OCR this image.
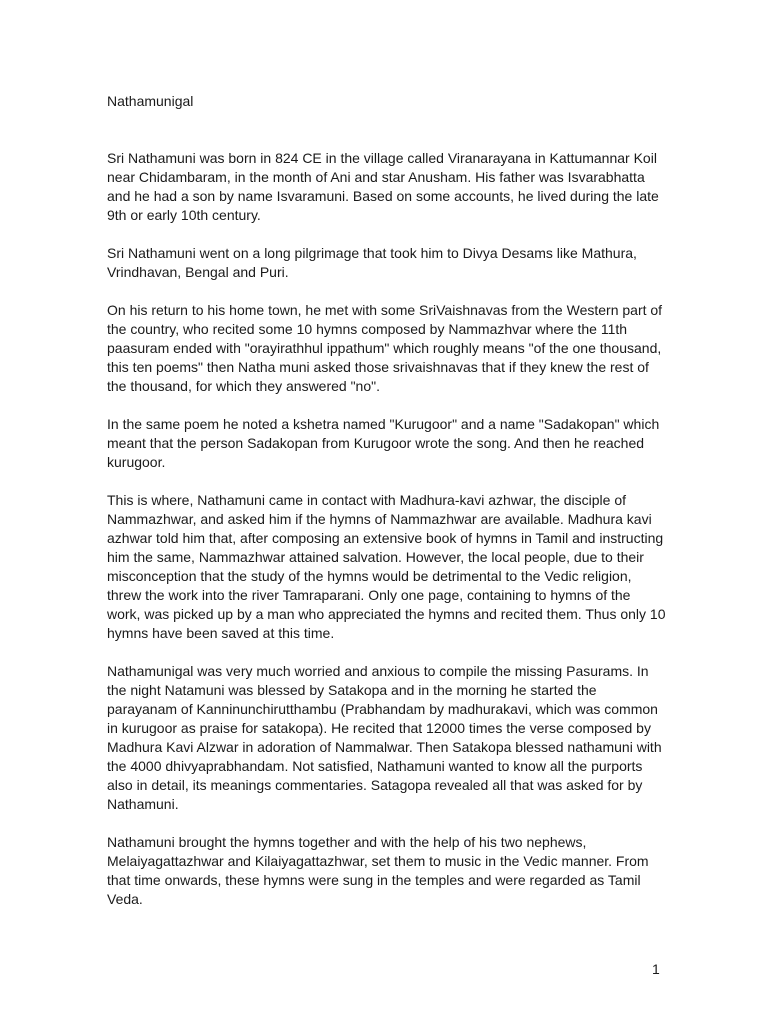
Nathamunigal

Sri Nathamuni was born in 824 CE in the village called Viranarayana in Kattumannar Koil near Chidambaram, in the month of Ani and star Anusham. His father was Isvarabhatta and he had a son by name Isvaramuni. Based on some accounts, he lived during the late 9th or early 10th century.

Sri Nathamuni went on a long pilgrimage that took him to Divya Desams like Mathura, Vrindhavan, Bengal and Puri.

On his return to his home town, he met with some SriVaishnavas from the Western part of the country, who recited some 10 hymns composed by Nammazhvar where the 11th paasuram ended with "orayirathhul ippathum" which roughly means "of the one thousand, this ten poems" then Natha muni asked those srivaishnavas that if they knew the rest of the thousand, for which they answered "no".

In the same poem he noted a kshetra named "Kurugoor" and a name "Sadakopan" which meant that the person Sadakopan from Kurugoor wrote the song. And then he reached kurugoor.

This is where, Nathamuni came in contact with Madhura-kavi azhwar, the disciple of Nammazhwar, and asked him if the hymns of Nammazhwar are available. Madhura kavi azhwar told him that, after composing an extensive book of hymns in Tamil and instructing him the same, Nammazhwar attained salvation. However, the local people, due to their misconception that the study of the hymns would be detrimental to the Vedic religion, threw the work into the river Tamraparani. Only one page, containing to hymns of the work, was picked up by a man who appreciated the hymns and recited them. Thus only 10 hymns have been saved at this time.

Nathamunigal was very much worried and anxious to compile the missing Pasurams. In the night Natamuni was blessed by Satakopa and in the morning he started the parayanam of Kanninunchirutthambu (Prabhandam by madhurakavi, which was common in kurugoor as praise for satakopa). He recited that 12000 times the verse composed by Madhura Kavi Alzwar in adoration of Nammalwar. Then Satakopa blessed nathamuni with the 4000 dhivyaprabhandam. Not satisfied, Nathamuni wanted to know all the purports also in detail, its meanings commentaries. Satagopa revealed all that was asked for by Nathamuni.

Nathamuni brought the hymns together and with the help of his two nephews, Melaiyagattazhwar and Kilaiyagattazhwar, set them to music in the Vedic manner. From that time onwards, these hymns were sung in the temples and were regarded as Tamil Veda.

1
